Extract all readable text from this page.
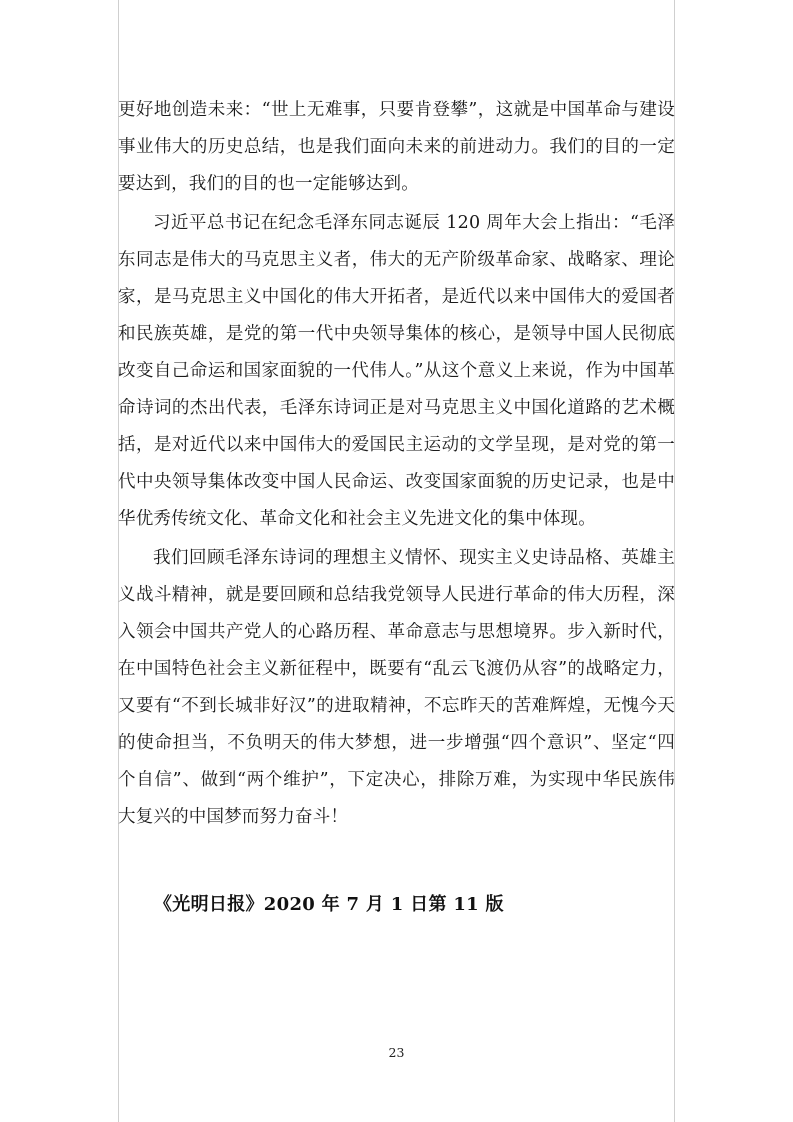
更好地创造未来：“世上无难事，只要肯登攀”，这就是中国革命与建设事业伟大的历史总结，也是我们面向未来的前进动力。我们的目的一定要达到，我们的目的也一定能够达到。

习近平总书记在纪念毛泽东同志诞辰 120 周年大会上指出：“毛泽东同志是伟大的马克思主义者，伟大的无产阶级革命家、战略家、理论家，是马克思主义中国化的伟大开拓者，是近代以来中国伟大的爱国者和民族英雄，是党的第一代中央领导集体的核心，是领导中国人民彻底改变自己命运和国家面貌的一代伟人。”从这个意义上来说，作为中国革命诗词的杰出代表，毛泽东诗词正是对马克思主义中国化道路的艺术概括，是对近代以来中国伟大的爱国民主运动的文学呈现，是对党的第一代中央领导集体改变中国人民命运、改变国家面貌的历史记录，也是中华优秀传统文化、革命文化和社会主义先进文化的集中体现。

我们回顾毛泽东诗词的理想主义情怀、现实主义史诗品格、英雄主义战斗精神，就是要回顾和总结我党领导人民进行革命的伟大历程，深入领会中国共产党人的心路历程、革命意志与思想境界。步入新时代，在中国特色社会主义新征程中，既要有“乱云飞渡仍从容”的战略定力，又要有“不到长城非好汉”的进取精神，不忘昨天的苦难辉煌，无愧今天的使命担当，不负明天的伟大梦想，进一步增强“四个意识”、坚定“四个自信”、做到“两个维护”，下定决心，排除万难，为实现中华民族伟大复兴的中国梦而努力奋斗！

《光明日报》2020 年 7 月 1 日第 11 版
23
